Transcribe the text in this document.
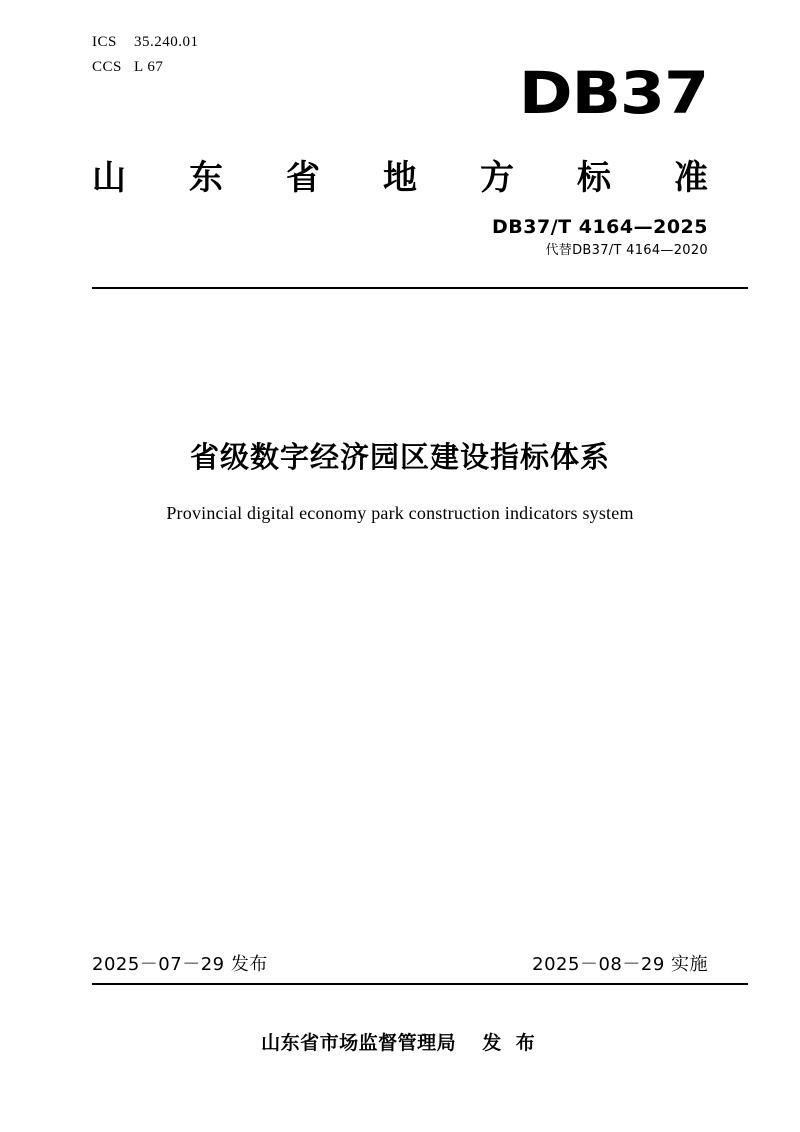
ICS 35.240.01
CCS L 67	DB37
山 东 省 地 方 标 准
DB37/T 4164—2025
代替DB37/T 4164—2020
省级数字经济园区建设指标体系
Provincial digital economy park construction indicators system
2025－07－29 发布	2025－08－29 实施
山东省市场监督管理局 发 布
